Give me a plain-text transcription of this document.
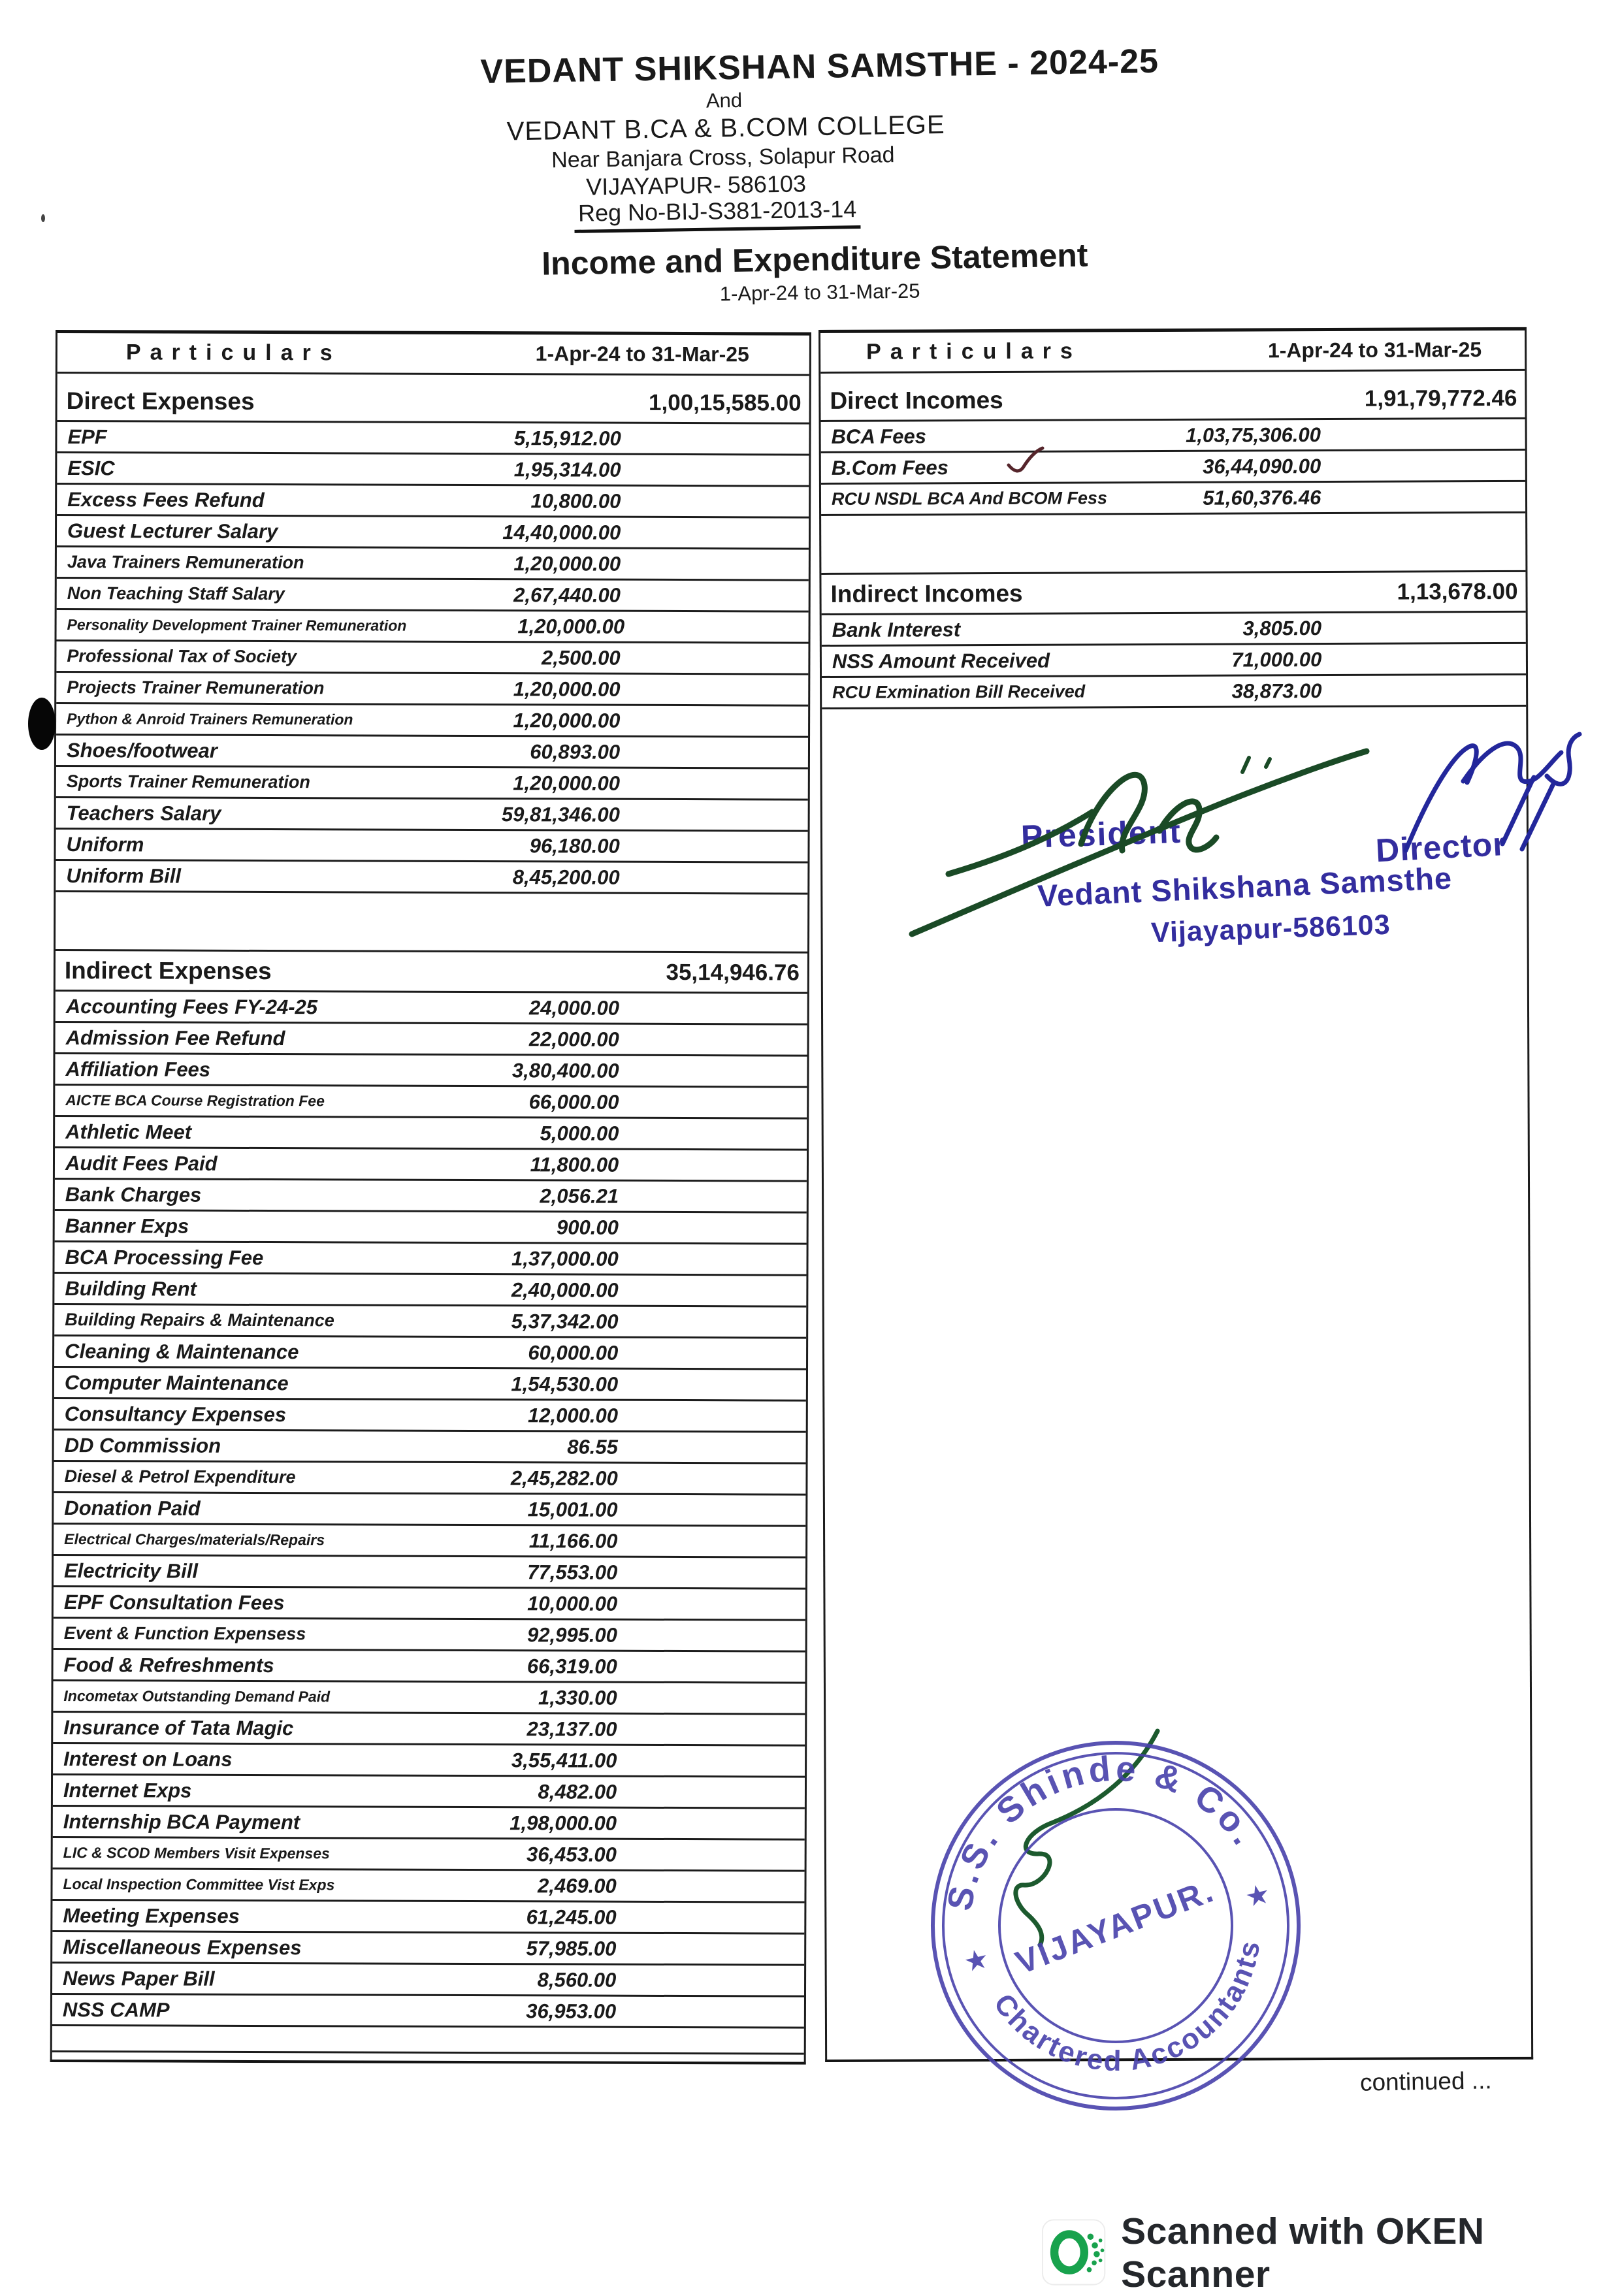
VEDANT SHIKSHAN SAMSTHE - 2024-25
And
VEDANT B.CA & B.COM COLLEGE
Near Banjara Cross, Solapur Road
VIJAYAPUR- 586103
Reg No-BIJ-S381-2013-14
Income and Expenditure Statement
1-Apr-24 to 31-Mar-25
Particulars	1-Apr-24 to 31-Mar-25
Direct Expenses	1,00,15,585.00
EPF	5,15,912.00
ESIC	1,95,314.00
Excess Fees Refund	10,800.00
Guest Lecturer Salary	14,40,000.00
Java Trainers Remuneration	1,20,000.00
Non Teaching Staff Salary	2,67,440.00
Personality Development Trainer Remuneration	1,20,000.00
Professional Tax of Society	2,500.00
Projects Trainer Remuneration	1,20,000.00
Python & Anroid Trainers Remuneration	1,20,000.00
Shoes/footwear	60,893.00
Sports Trainer Remuneration	1,20,000.00
Teachers Salary	59,81,346.00
Uniform	96,180.00
Uniform Bill	8,45,200.00
Indirect Expenses	35,14,946.76
Accounting Fees FY-24-25	24,000.00
Admission Fee Refund	22,000.00
Affiliation Fees	3,80,400.00
AICTE BCA Course Registration Fee	66,000.00
Athletic Meet	5,000.00
Audit Fees Paid	11,800.00
Bank Charges	2,056.21
Banner Exps	900.00
BCA Processing Fee	1,37,000.00
Building Rent	2,40,000.00
Building Repairs & Maintenance	5,37,342.00
Cleaning & Maintenance	60,000.00
Computer Maintenance	1,54,530.00
Consultancy Expenses	12,000.00
DD Commission	86.55
Diesel & Petrol Expenditure	2,45,282.00
Donation Paid	15,001.00
Electrical Charges/materials/Repairs	11,166.00
Electricity Bill	77,553.00
EPF Consultation Fees	10,000.00
Event & Function Expensess	92,995.00
Food & Refreshments	66,319.00
Incometax Outstanding Demand Paid	1,330.00
Insurance of Tata Magic	23,137.00
Interest on Loans	3,55,411.00
Internet Exps	8,482.00
Internship BCA Payment	1,98,000.00
LIC & SCOD Members Visit Expenses	36,453.00
Local Inspection Committee Vist Exps	2,469.00
Meeting Expenses	61,245.00
Miscellaneous Expenses	57,985.00
News Paper Bill	8,560.00
NSS CAMP	36,953.00
Particulars	1-Apr-24 to 31-Mar-25
Direct Incomes	1,91,79,772.46
BCA Fees	1,03,75,306.00
B.Com Fees	36,44,090.00
RCU NSDL BCA And BCOM Fess	51,60,376.46
Indirect Incomes	1,13,678.00
Bank Interest	3,805.00
NSS Amount Received	71,000.00
RCU Exmination Bill Received	38,873.00
President	Director
Vedant Shikshana Samsthe
Vijayapur-586103
S.S. Shinde & Co.
Chartered Accountants
★
★
VIJAYAPUR.
continued ...
Scanned with OKEN Scanner
